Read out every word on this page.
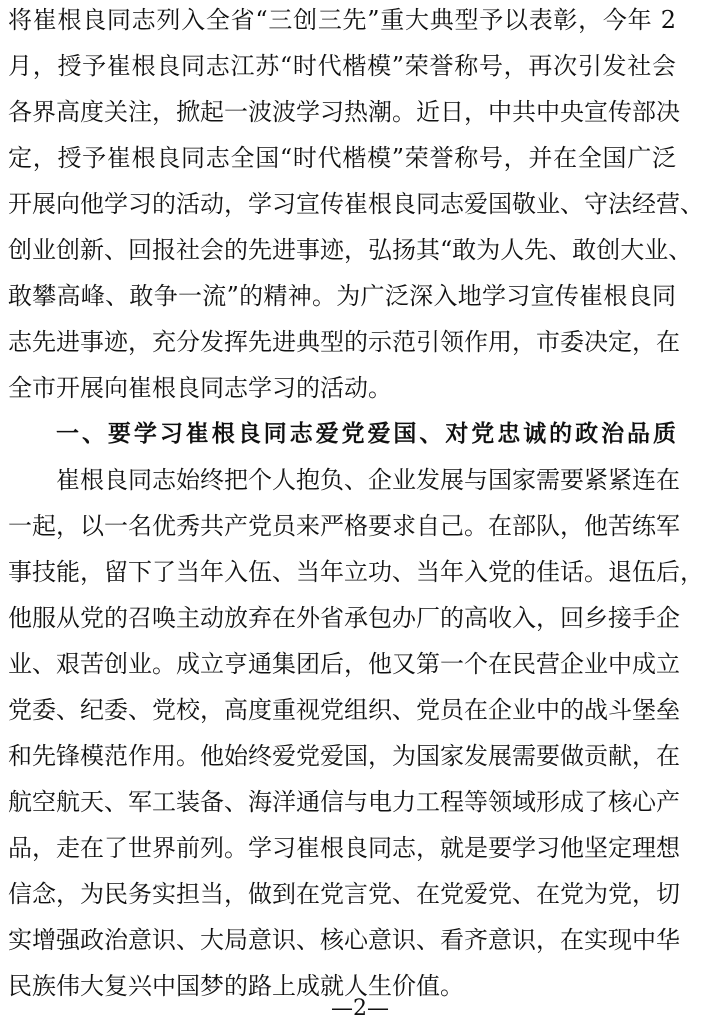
将崔根良同志列入全省“三创三先”重大典型予以表彰，今年 2
月，授予崔根良同志江苏“时代楷模”荣誉称号，再次引发社会
各界高度关注，掀起一波波学习热潮。近日，中共中央宣传部决
定，授予崔根良同志全国“时代楷模”荣誉称号，并在全国广泛
开展向他学习的活动，学习宣传崔根良同志爱国敬业、守法经营、
创业创新、回报社会的先进事迹，弘扬其“敢为人先、敢创大业、
敢攀高峰、敢争一流”的精神。为广泛深入地学习宣传崔根良同
志先进事迹，充分发挥先进典型的示范引领作用，市委决定，在
全市开展向崔根良同志学习的活动。
一、要学习崔根良同志爱党爱国、对党忠诚的政治品质
崔根良同志始终把个人抱负、企业发展与国家需要紧紧连在
一起，以一名优秀共产党员来严格要求自己。在部队，他苦练军
事技能，留下了当年入伍、当年立功、当年入党的佳话。退伍后，
他服从党的召唤主动放弃在外省承包办厂的高收入，回乡接手企
业、艰苦创业。成立亨通集团后，他又第一个在民营企业中成立
党委、纪委、党校，高度重视党组织、党员在企业中的战斗堡垒
和先锋模范作用。他始终爱党爱国，为国家发展需要做贡献，在
航空航天、军工装备、海洋通信与电力工程等领域形成了核心产
品，走在了世界前列。学习崔根良同志，就是要学习他坚定理想
信念，为民务实担当，做到在党言党、在党爱党、在党为党，切
实增强政治意识、大局意识、核心意识、看齐意识，在实现中华
民族伟大复兴中国梦的路上成就人生价值。
—2—
